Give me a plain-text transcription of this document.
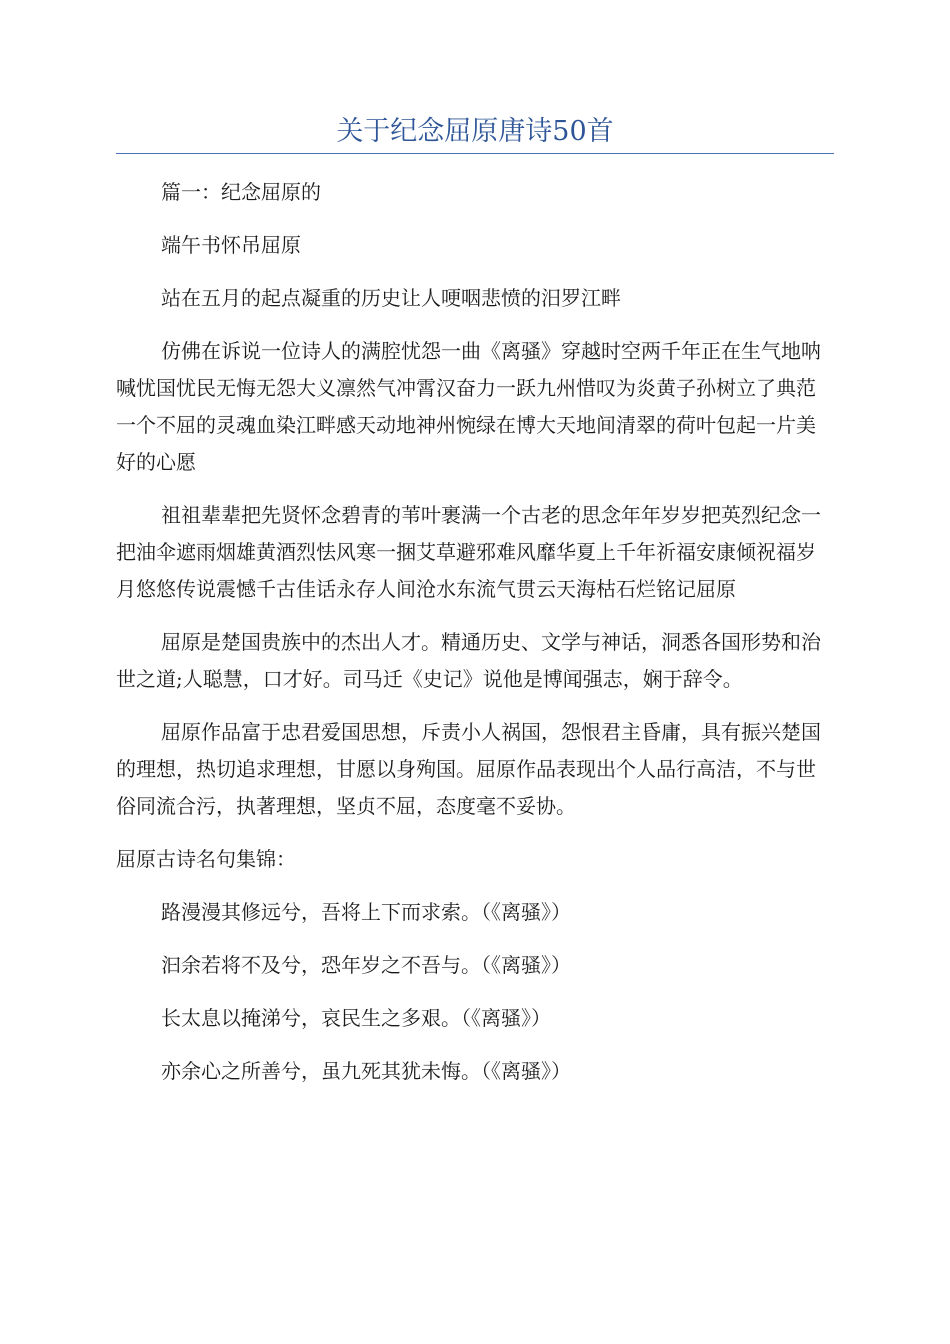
关于纪念屈原唐诗50首

篇一：纪念屈原的

端午书怀吊屈原

站在五月的起点凝重的历史让人哽咽悲愤的汨罗江畔

仿佛在诉说一位诗人的满腔忧怨一曲《离骚》穿越时空两千年正在生气地呐喊忧国忧民无悔无怨大义凛然气冲霄汉奋力一跃九州惜叹为炎黄子孙树立了典范一个不屈的灵魂血染江畔感天动地神州惋绿在博大天地间清翠的荷叶包起一片美好的心愿

祖祖辈辈把先贤怀念碧青的苇叶裹满一个古老的思念年年岁岁把英烈纪念一把油伞遮雨烟雄黄酒烈怯风寒一捆艾草避邪难风靡华夏上千年祈福安康倾祝福岁月悠悠传说震憾千古佳话永存人间沧水东流气贯云天海枯石烂铭记屈原

屈原是楚国贵族中的杰出人才。精通历史、文学与神话，洞悉各国形势和治世之道;人聪慧，口才好。司马迁《史记》说他是博闻强志，娴于辞令。

屈原作品富于忠君爱国思想，斥责小人祸国，怨恨君主昏庸，具有振兴楚国的理想，热切追求理想，甘愿以身殉国。屈原作品表现出个人品行高洁，不与世俗同流合污，执著理想，坚贞不屈，态度毫不妥协。

屈原古诗名句集锦：

路漫漫其修远兮，吾将上下而求索。（《离骚》）

汩余若将不及兮，恐年岁之不吾与。（《离骚》）

长太息以掩涕兮，哀民生之多艰。（《离骚》）

亦余心之所善兮，虽九死其犹未悔。（《离骚》）
